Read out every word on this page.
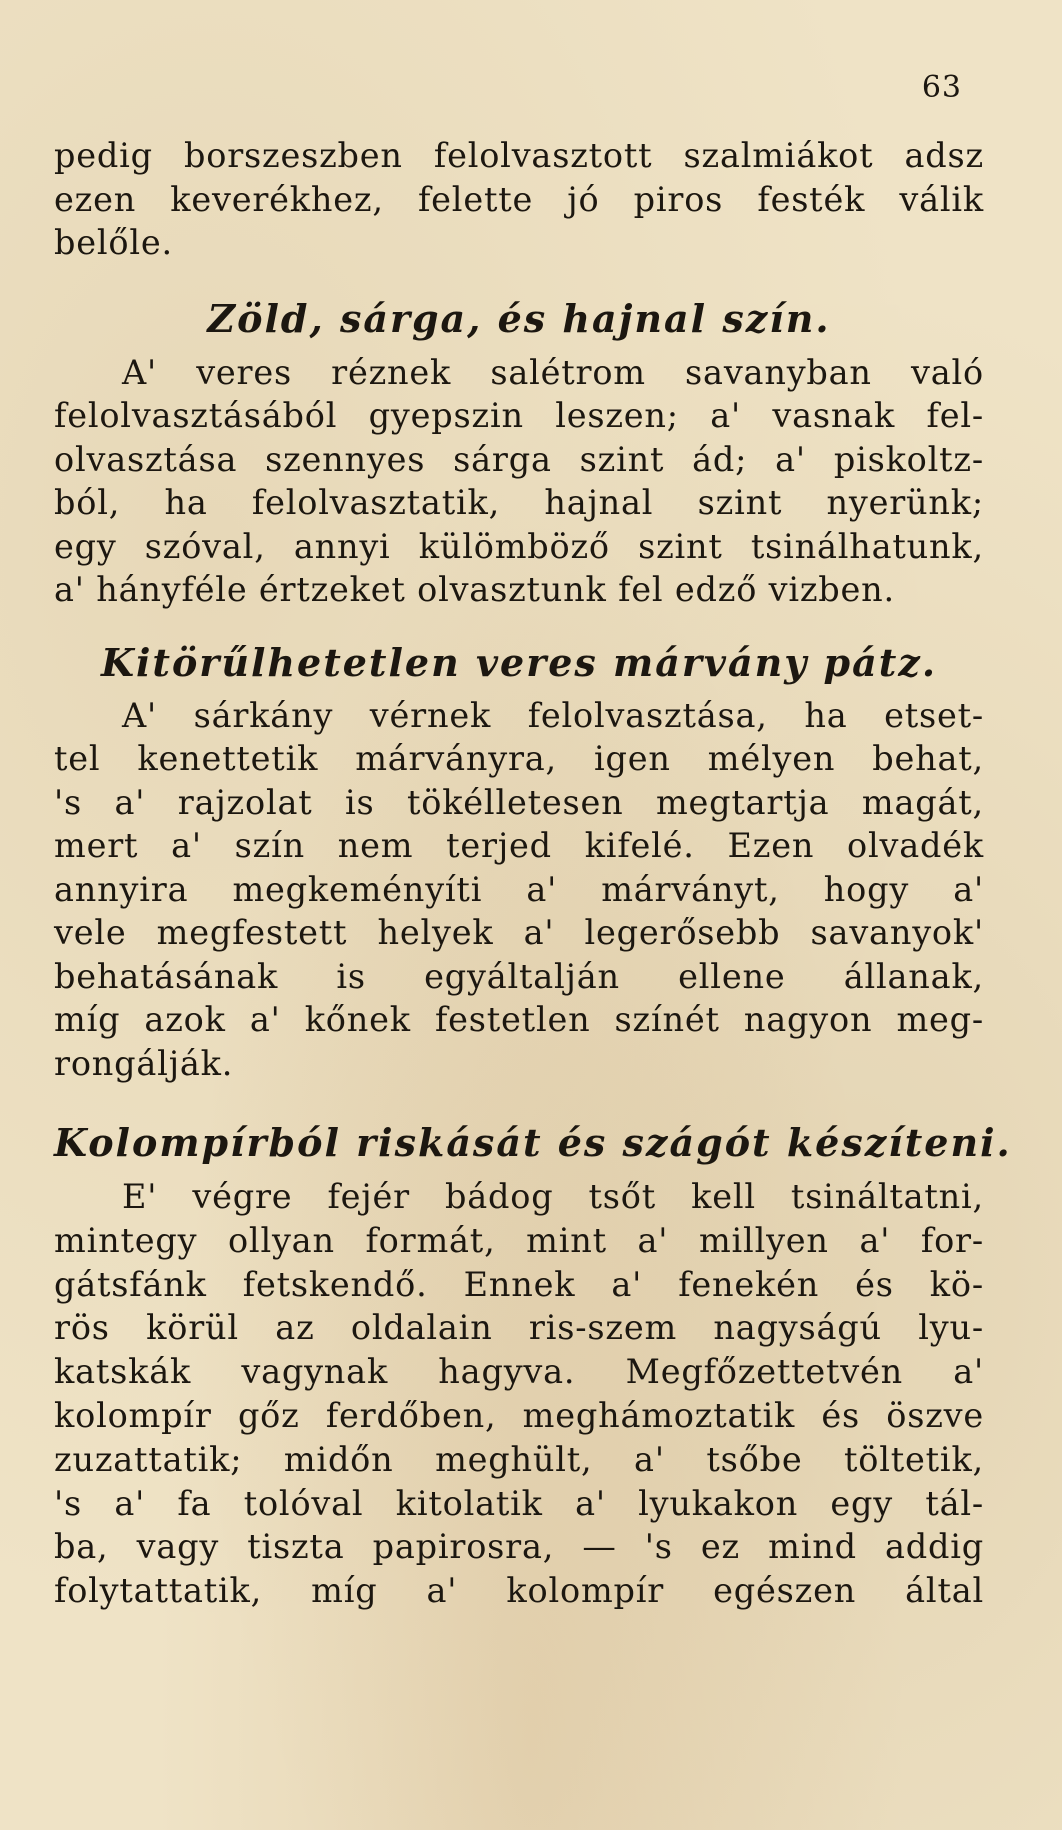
63
pedig borszeszben felolvasztott szalmiákot adsz
ezen keverékhez, felette jó piros festék válik
belőle.
Zöld, sárga, és hajnal szín.
A' veres réznek salétrom savanyban való
felolvasztásából gyepszin leszen; a' vasnak fel-
olvasztása szennyes sárga szint ád; a' piskoltz-
ból, ha felolvasztatik, hajnal szint nyerünk;
egy szóval, annyi külömböző szint tsinálhatunk,
a' hányféle értzeket olvasztunk fel edző vizben.
Kitörűlhetetlen veres márvány pátz.
A' sárkány vérnek felolvasztása, ha etset-
tel kenettetik márványra, igen mélyen behat,
's a' rajzolat is tökélletesen megtartja magát,
mert a' szín nem terjed kifelé. Ezen olvadék
annyira megkeményíti a' márványt, hogy a'
vele megfestett helyek a' legerősebb savanyok'
behatásának is egyáltalján ellene állanak,
míg azok a' kőnek festetlen színét nagyon meg-
rongálják.
Kolompírból riskását és szágót készíteni.
E' végre fejér bádog tsőt kell tsináltatni,
mintegy ollyan formát, mint a' millyen a' for-
gátsfánk fetskendő. Ennek a' fenekén és kö-
rös körül az oldalain ris-szem nagyságú lyu-
katskák vagynak hagyva. Megfőzettetvén a'
kolompír gőz ferdőben, meghámoztatik és öszve
zuzattatik; midőn meghült, a' tsőbe töltetik,
's a' fa tolóval kitolatik a' lyukakon egy tál-
ba, vagy tiszta papirosra, — 's ez mind addig
folytattatik, míg a' kolompír egészen által
